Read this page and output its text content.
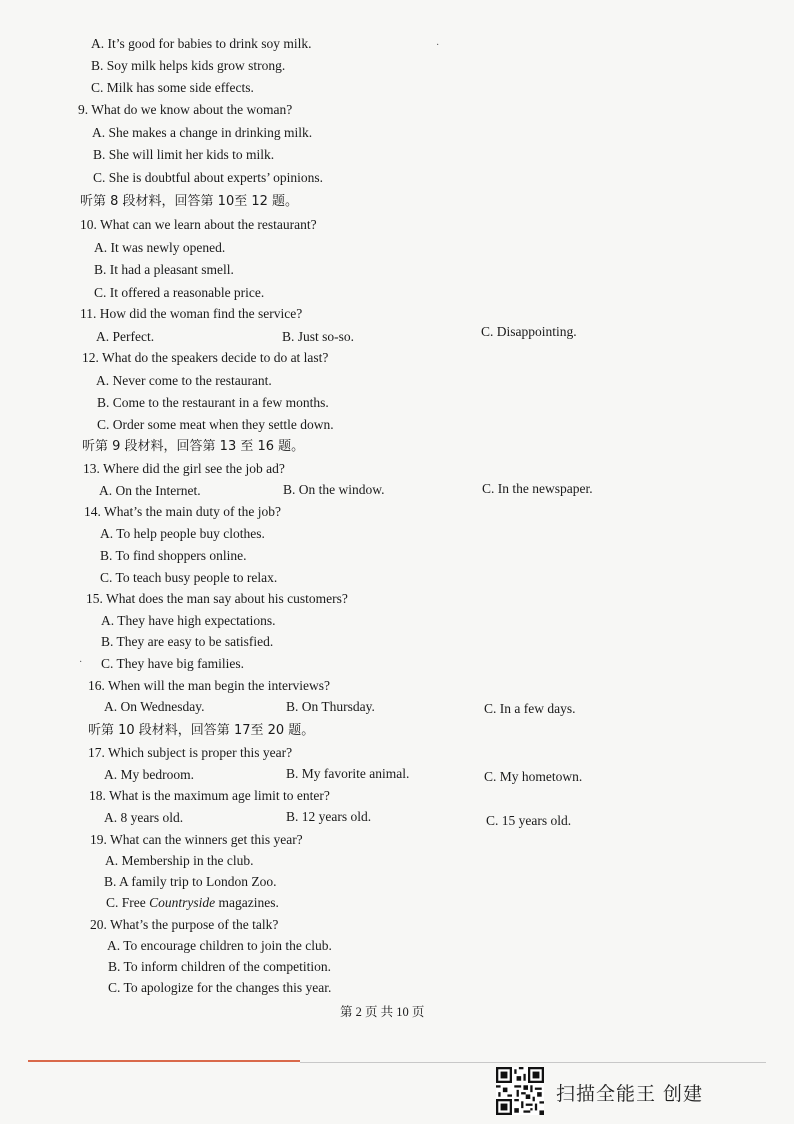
A. It’s good for babies to drink soy milk.
B. Soy milk helps kids grow strong.
C. Milk has some side effects.
9. What do we know about the woman?
A. She makes a change in drinking milk.
B. She will limit her kids to milk.
C. She is doubtful about experts’ opinions.
听第 8 段材料，回答第 10至 12 题。
10. What can we learn about the restaurant?
A. It was newly opened.
B. It had a pleasant smell.
C. It offered a reasonable price.
11. How did the woman find the service?
A. Perfect.	B. Just so-so.	C. Disappointing.
12. What do the speakers decide to do at last?
A. Never come to the restaurant.
B. Come to the restaurant in a few months.
C. Order some meat when they settle down.
听第 9 段材料，回答第 13 至 16 题。
13. Where did the girl see the job ad?
A. On the Internet.	B. On the window.	C. In the newspaper.
14. What’s the main duty of the job?
A. To help people buy clothes.
B. To find shoppers online.
C. To teach busy people to relax.
15. What does the man say about his customers?
A. They have high expectations.
B. They are easy to be satisfied.
C. They have big families.
16. When will the man begin the interviews?
A. On Wednesday.	B. On Thursday.	C. In a few days.
听第 10 段材料，回答第 17至 20 题。
17. Which subject is proper this year?
A. My bedroom.	B. My favorite animal.	C. My hometown.
18. What is the maximum age limit to enter?
A. 8 years old.	B. 12 years old.	C. 15 years old.
19. What can the winners get this year?
A. Membership in the club.
B. A family trip to London Zoo.
C. Free Countryside magazines.
20. What’s the purpose of the talk?
A. To encourage children to join the club.
B. To inform children of the competition.
C. To apologize for the changes this year.
·
·
第 2 页 共 10 页
扫描全能王 创建
